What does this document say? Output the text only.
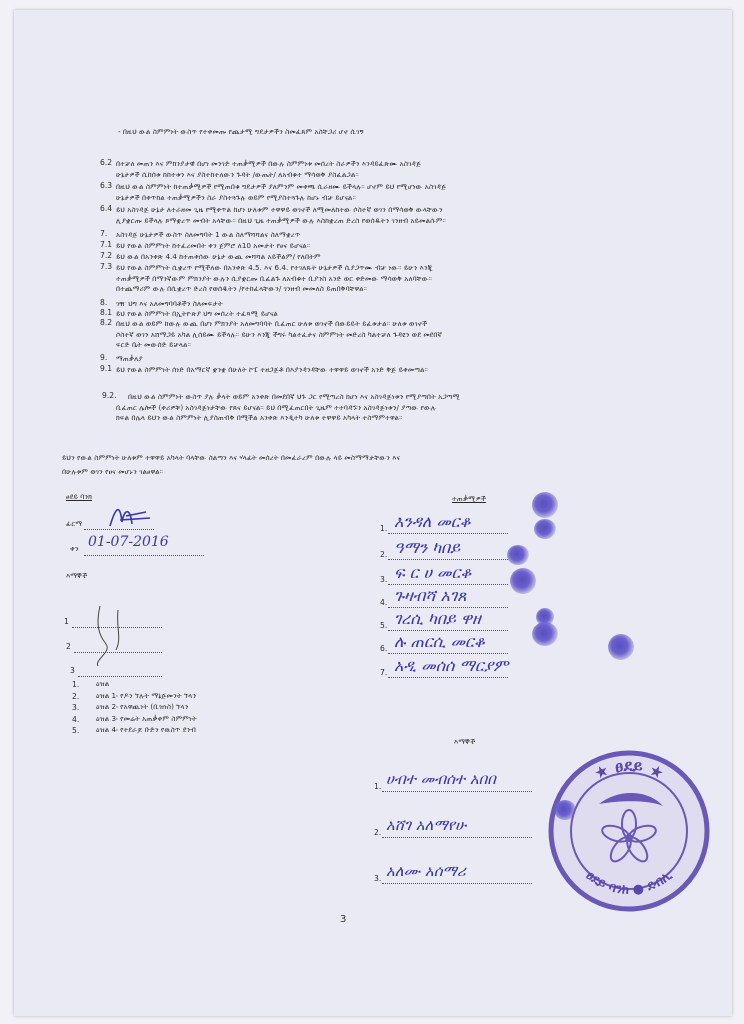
- በዚህ ውል ስምምነት ውስጥ የተቀመጡ የጨታሚ ግዴታዎችን ስመፈጸም አስቸጋሪ ሆኖ ሲገኝ
6.2 በተቻለ መጠን እና ምክንያታዊ በሆነ መንገድ ተጠቃሚዎች በውሉ ስምምነቱ መሰረት ስራዎችን እንዳይፈጽሙ አስገዳጅ
ሁኔታዎች ሲከሰቱ ከከተቱን እና ያስተከተለውን ጉዳት /ውጤት/ ለአብቁተ ማሳወቅ ያስፈልጋል።
6.3 በዚህ ውል ስምምነት ከተጠቃሚዎች የሚጠበቁ ግዴታዎች ያለምንም መቀጫ ሲራዘሙ ይችላሉ። ሆኖም ይህ የሚሆነው አስገዳጅ
ሁኔታዎች በቀጥክል ተጠቃሚዎችን ስራ ያስተጓጉሉ ወይም የሚያስተጓጉሉ ከሆኑ ብቻ ይሆናል።
6.4 ይህ አስገዳጅ ሁኔታ ለተራዘመ ጊዜ የሚቀጥል ከሆነ ሁለቱም ተዋዋይ ወገኖች ለሚመለከተው ሶስተኛ ወገን በማሳወቅ ውላቸውን
ሊያቋርጡ ይችላሉ ጾማቋረጥ መብት አላቸው። በዚህ ጊዜ ተጠቃሚዎች ውሉ እስከቋረጠ ድረስ የወሰዱትን ገንዘብ አይመልሱም።
7. አስገዳጅ ሁኔታዎች ውስጥ ስለመግባት 1 ውል ስለማሻሻልና ስለማቋረጥ
7.1 ይህ የውል ስምምነት ከተፈረመበት ቀን ጀምሮ ለ10 አመታት የፀና ይሆናል።
7.2 ይህ ውል በአንቀጽ 4.4 ከተጠቀሰው ሁኔታ ውጪ መሻሻል አይችልም/ የለበትም
7.3 ይህ የውል ስምምነት ሲቋረጥ የሚችለው በአንቀጽ 4.5. እና 6.4. የተገለጹት ሁኔታዎች ሲያጋጥሙ ብቻ ነው። ይሁን እንጂ
ተጠቃሚዎች በማንኛውም ምክንያት ውሉን ሲያቋርጡ ቢፈልጉ ለአብቁተ ቢያንስ አንድ ወር ቀድመው ማሳወቅ አለባቸው።
በተጨማሪም ውሉ በሲቋረጥ ድረስ የወሰዱትን /የተከፈላቸውን/ ገንዘብ መመለስ ይጠበቅባቸዋል።
8. ገዥ ህግ እና አለመግባባቶችን ስለመፍታት
8.1 ይህ የውል ስምምነት በኢትዮጵያ ህግ መሰረት ተፈጻሚ ይሆናል
8.2 በዚህ ውል ወይም ከውሉ ውጪ በሆነ ምክንያት አለመግባባት ቢፈጠር ሁለቱ ወገኖች በውይይት ይፈቱታል። ሁለቱ ወገኖች
ሶስተኛ ወገን አሸማጋይ አካል ሊሰይሙ ይችላሉ። ይሁን እንጂ ችግሩ ካልተፈታና ስምምነት መድረስ ካልተቻለ ጉዳዩን ወደ መደበኛ
ፍርድ ቤት መውሰድ ይቻላል።
9. ማጠቃለያ
9.1 ይህ የውል ስምምነት ሰነድ በአማርኛ ቋንቋ በሁለት ኮፒ ተዘጋጅቶ በእያንዳንዳቸው ተዋዋይ ወገኖች አንድ ቅጅ ይቀመጣል።
9.2. በዚህ ውል ስምምነት ውስጥ ያሉ ቃላት ወይም አንቀጽ በመደበኛ ህጉ ጋር የሚጣረስ ከሆነ እና አስገዳጅነቱን የሚያጣበት አጋጣሚ
ቢፈጠር ሌሎች (ቀሪዎቹ) አስገዳጅነታቸው የጸና ይሆናል። ይህ በሚፈጠርበት ጊዜም ተተባዳኙን አስገዳጅነቱን/ ያጣው የውሉ
ክፍል በሌላ ይህን ውል ስምምነት ሊያስጠብቅ በሚችል አንቀጽ እንዲተካ ሁለቱ ተዋዋይ አካላት ተስማምተዋል።
ይህን የውል ስምምነት ሁለቱም ተዋዋይ አካላት ባላቸው ስልጣን እና ሃላፊት መሰረት በመፈራረም በውሉ ላይ መስማማታቸውን እና
በሁሉቱም ወገን የፀና መሆኑን ገልፀዋል።
ፀደይ ባንክ
ፊርማ
ቀን 01-07-2016
እማኞች
1
2
3
1. ዕዝል
2. ዕዝል 1፡ የዶን ኘሉት ማኔጅመንት ኘላን
3. ዕዝል 2፡ የአዋጪነት (ቢዝነስ) ኘላን
4. ዕዝል 3፡ የመሬት አጠቃቀም ስምምነት
5. ዕዝል 4፡ የተደራጆ ቡድን የዉስጥ ደንብ
ተጠቃሚዎች
1. እንዳለ መርቆ
2. ዓማን ካበይ
3. ፍ ር ሀ መርቆ
4. ጉዛብሻ አገጸ
5. ገረሲ ካበይ ዋዘ
6. ሉ ጠርሲ መርቆ
7. አዲ መሰሰ ማርያም
እማኞች
1. ሀብተ መብሰተ አበበ
2. አሸገ አለማየሁ
3. አለሙ አሰማሪ
★ ፀደይ ★
ፀደይ ባንክ ● ደብሊ
3
